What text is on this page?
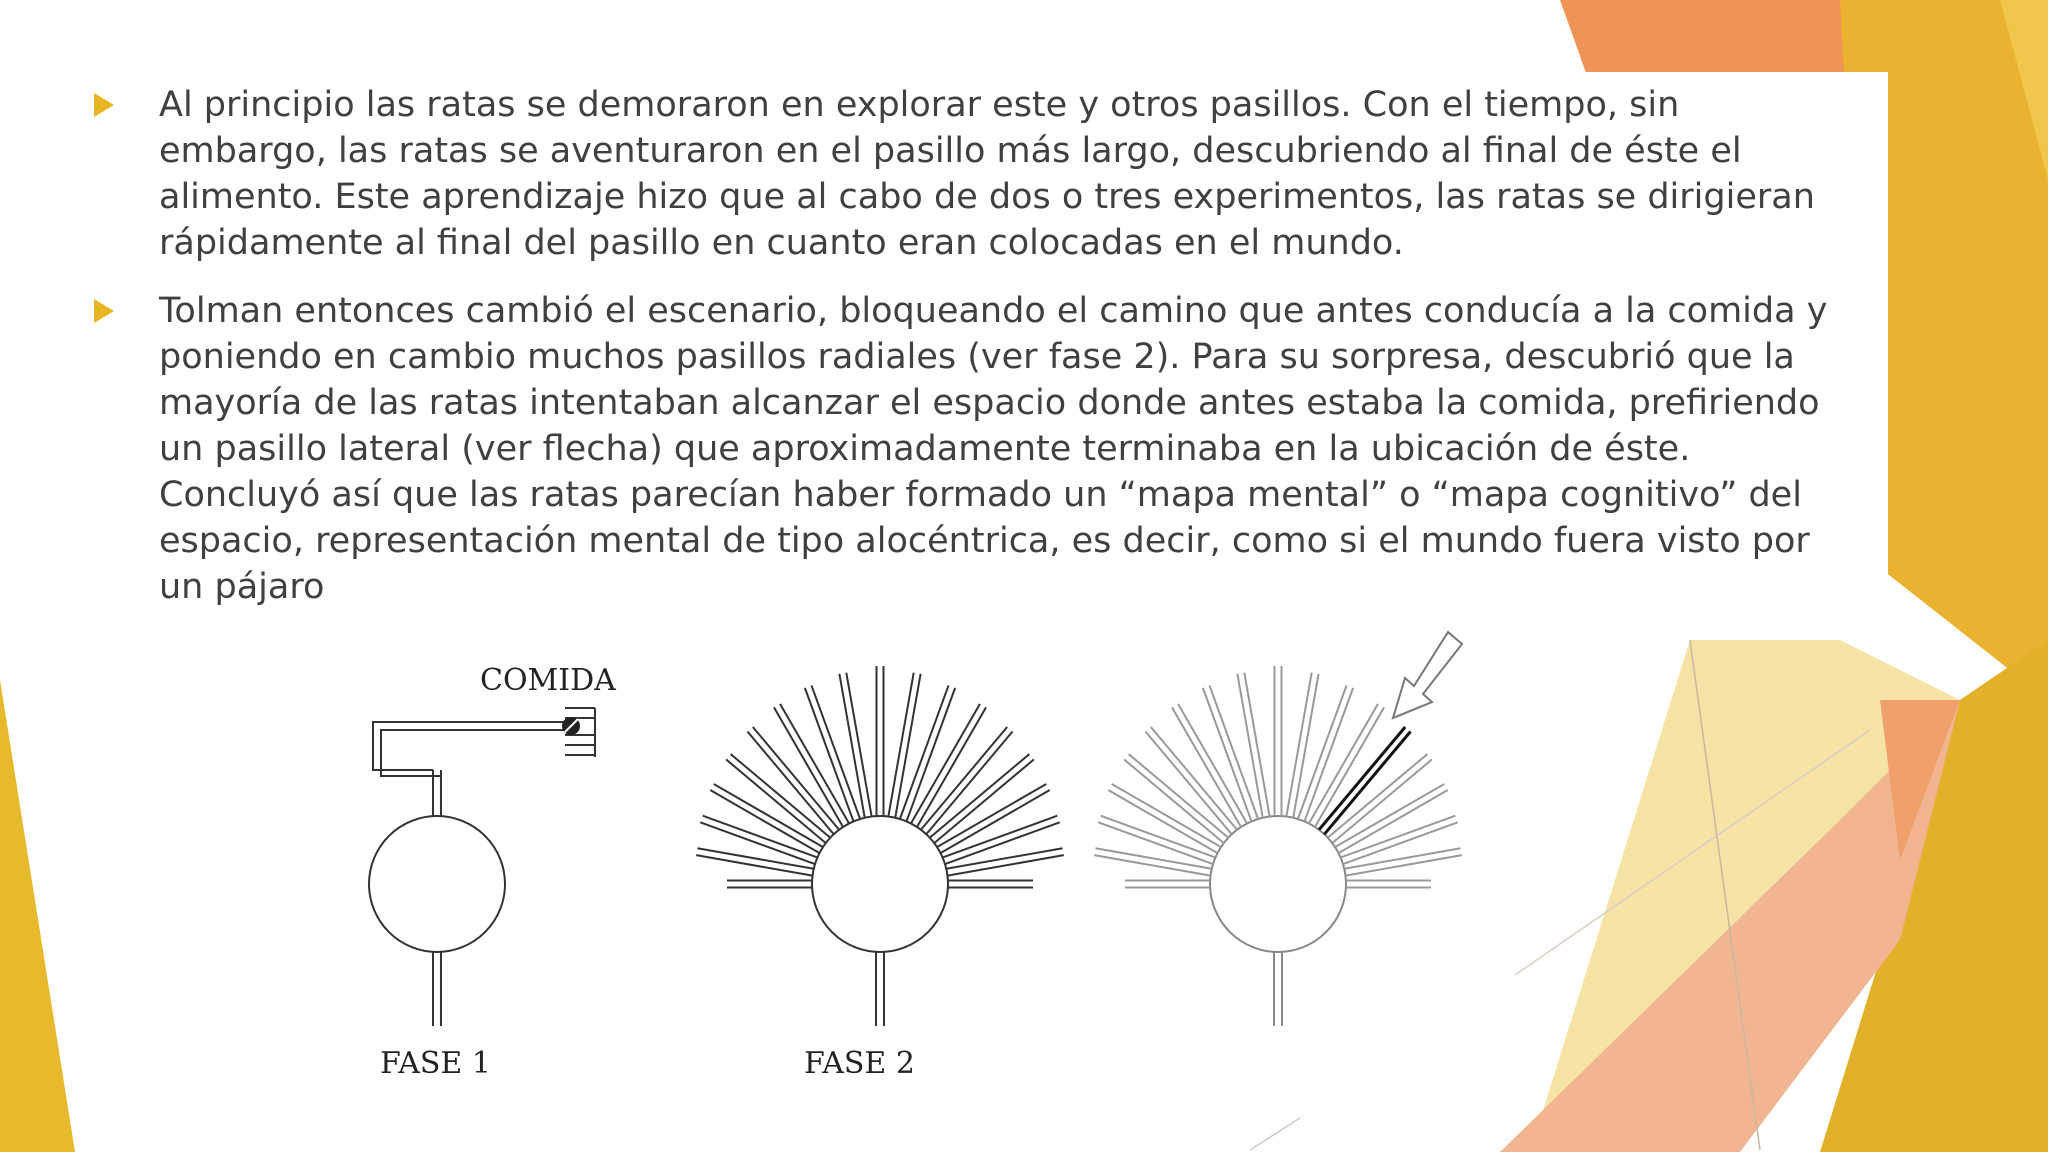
Al principio las ratas se demoraron en explorar este y otros pasillos. Con el tiempo, sin embargo, las ratas se aventuraron en el pasillo más largo, descubriendo al final de éste el alimento. Este aprendizaje hizo que al cabo de dos o tres experimentos, las ratas se dirigieran rápidamente al final del pasillo en cuanto eran colocadas en el mundo.
Tolman entonces cambió el escenario, bloqueando el camino que antes conducía a la comida y poniendo en cambio muchos pasillos radiales (ver fase 2). Para su sorpresa, descubrió que la mayoría de las ratas intentaban alcanzar el espacio donde antes estaba la comida, prefiriendo un pasillo lateral (ver flecha) que aproximadamente terminaba en la ubicación de éste. Concluyó así que las ratas parecían haber formado un “mapa mental” o “mapa cognitivo” del espacio, representación mental de tipo alocéntrica, es decir, como si el mundo fuera visto por un pájaro
COMIDA
FASE 1	FASE 2
